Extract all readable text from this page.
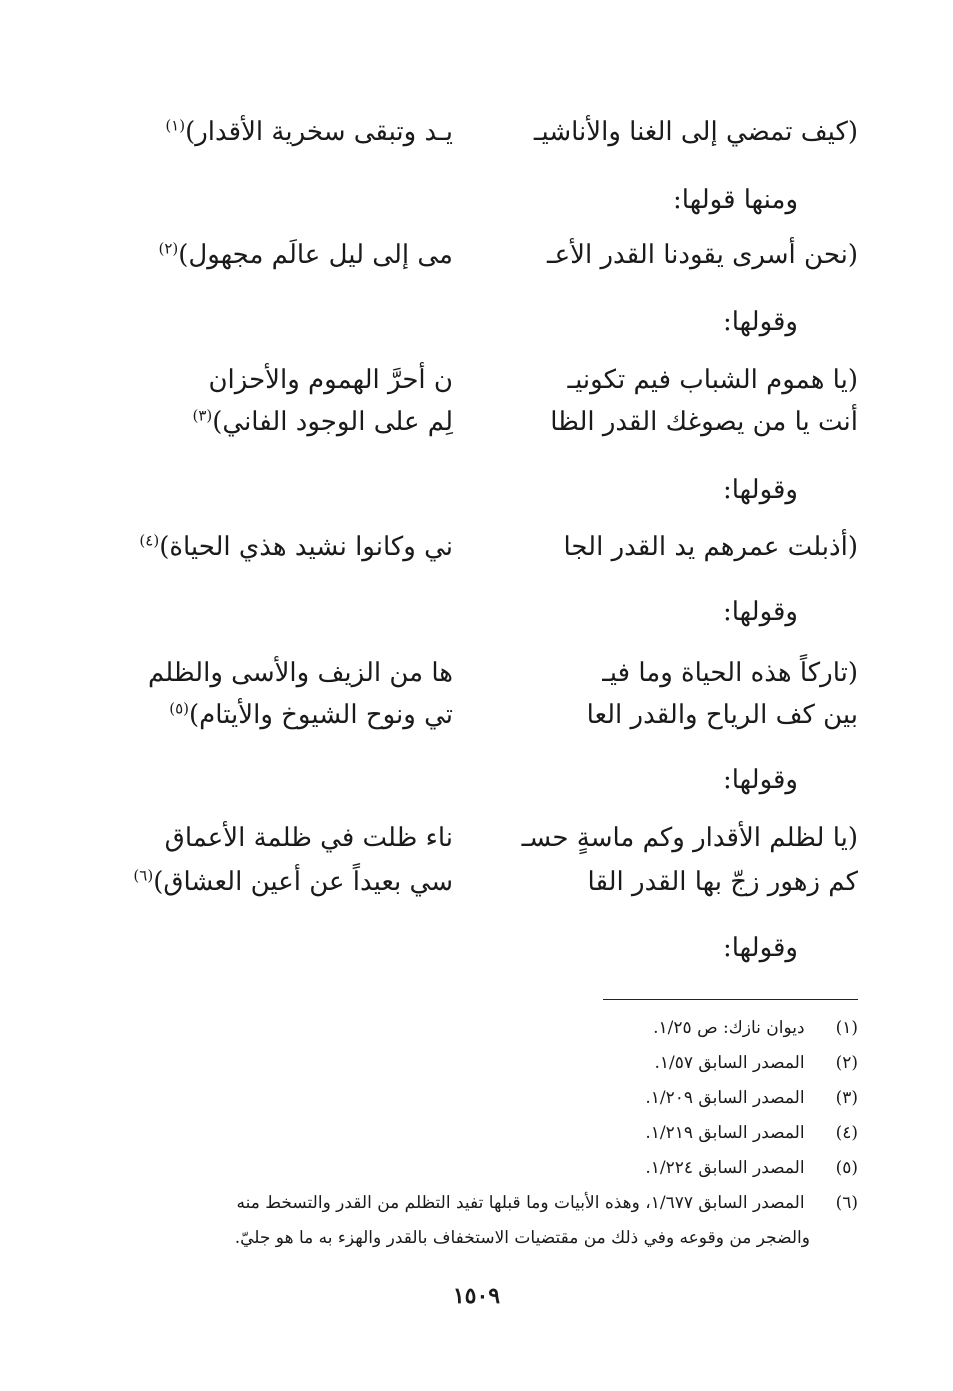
(كيف تمضي إلى الغنا والأناشيـ
يـد وتبقى سخرية الأقدار)$^{(١)}$
ومنها قولها:
(نحن أسرى يقودنا القدر الأعـ
مى إلى ليل عالَم مجهول)$^{(٢)}$
وقولها:
(يا هموم الشباب فيم تكونيـ
ن أحرَّ الهموم والأحزان
أنت يا من يصوغك القدر الظا
لِم على الوجود الفاني)$^{(٣)}$
وقولها:
(أذبلت عمرهم يد القدر الجا
ني وكانوا نشيد هذي الحياة)$^{(٤)}$
وقولها:
(تاركاً هذه الحياة وما فيـ
ها من الزيف والأسى والظلم
بين كف الرياح والقدر العا
تي ونوح الشيوخ والأيتام)$^{(٥)}$
وقولها:
(يا لظلم الأقدار وكم ماسةٍ حسـ
ناء ظلت في ظلمة الأعماق
كم زهور زجّ بها القدر القا
سي بعيداً عن أعين العشاق)$^{(٦)}$
وقولها:
(١) ديوان نازك: ص ١/٢٥.
(٢) المصدر السابق ١/٥٧.
(٣) المصدر السابق ١/٢٠٩.
(٤) المصدر السابق ١/٢١٩.
(٥) المصدر السابق ١/٢٢٤.
(٦) المصدر السابق ١/٦٧٧، وهذه الأبيات وما قبلها تفيد التظلم من القدر والتسخط منه
والضجر من وقوعه وفي ذلك من مقتضيات الاستخفاف بالقدر والهزء به ما هو جليّ.
١٥٠٩
